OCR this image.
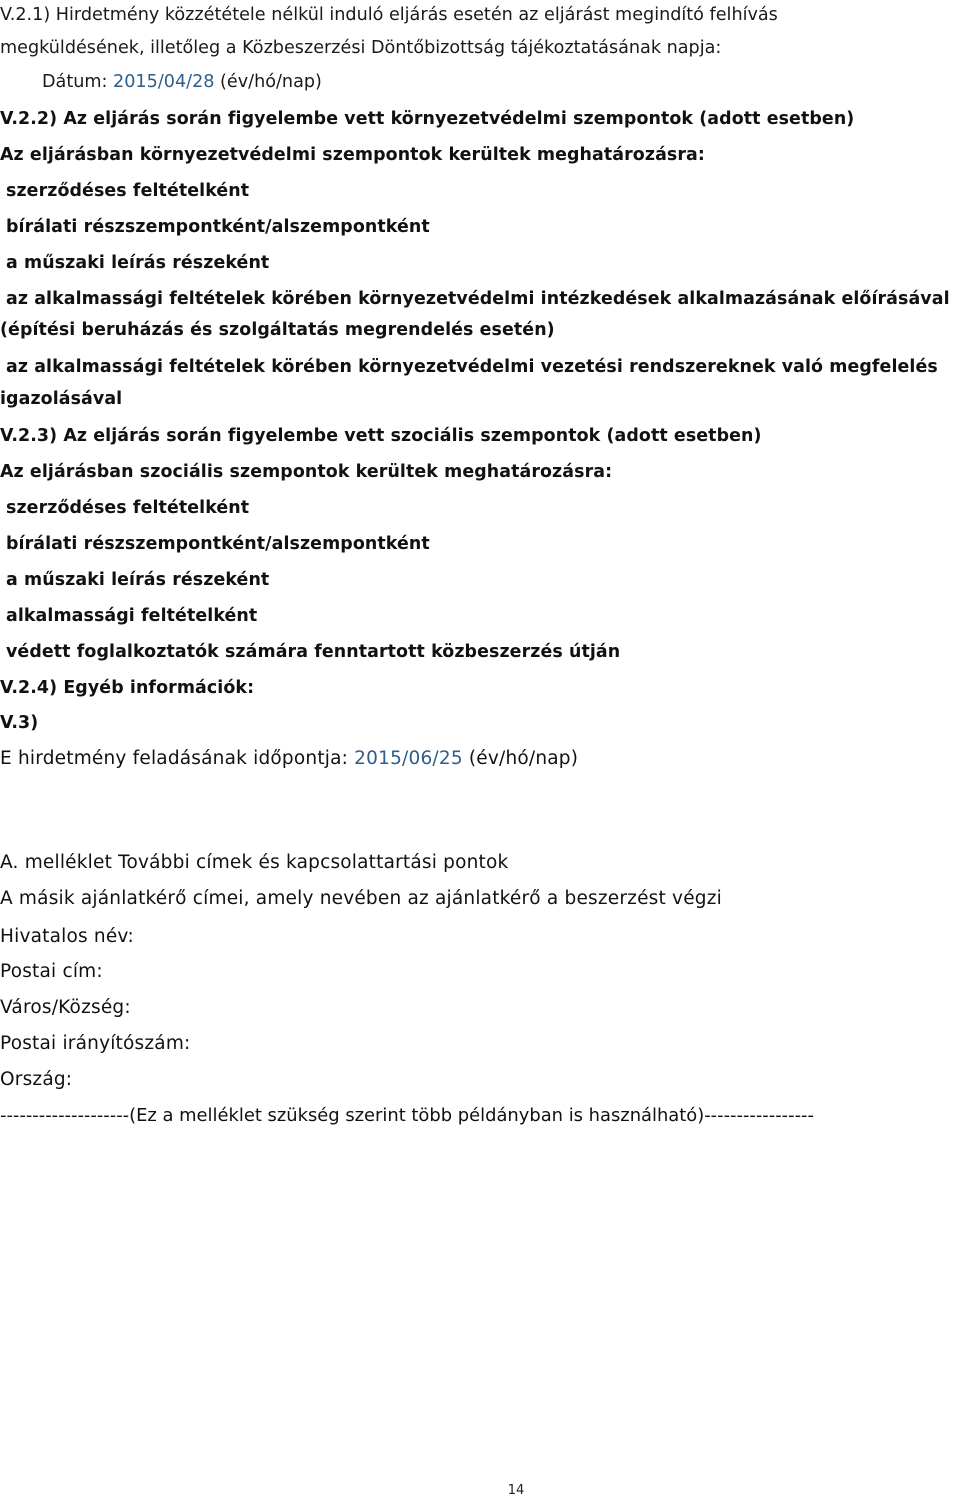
V.2.1) Hirdetmény közzététele nélkül induló eljárás esetén az eljárást megindító felhívás
megküldésének, illetőleg a Közbeszerzési Döntőbizottság tájékoztatásának napja:
Dátum: 2015/04/28 (év/hó/nap)
V.2.2) Az eljárás során figyelembe vett környezetvédelmi szempontok (adott esetben)
Az eljárásban környezetvédelmi szempontok kerültek meghatározásra:
szerződéses feltételként
bírálati részszempontként/alszempontként
a műszaki leírás részeként
az alkalmassági feltételek körében környezetvédelmi intézkedések alkalmazásának előírásával
(építési beruházás és szolgáltatás megrendelés esetén)
az alkalmassági feltételek körében környezetvédelmi vezetési rendszereknek való megfelelés
igazolásával
V.2.3) Az eljárás során figyelembe vett szociális szempontok (adott esetben)
Az eljárásban szociális szempontok kerültek meghatározásra:
szerződéses feltételként
bírálati részszempontként/alszempontként
a műszaki leírás részeként
alkalmassági feltételként
védett foglalkoztatók számára fenntartott közbeszerzés útján
V.2.4) Egyéb információk:
V.3)
E hirdetmény feladásának időpontja: 2015/06/25 (év/hó/nap)
A. melléklet További címek és kapcsolattartási pontok
A másik ajánlatkérő címei, amely nevében az ajánlatkérő a beszerzést végzi
Hivatalos név:
Postai cím:
Város/Község:
Postai irányítószám:
Ország:
--------------------(Ez a melléklet szükség szerint több példányban is használható)-----------------
14
